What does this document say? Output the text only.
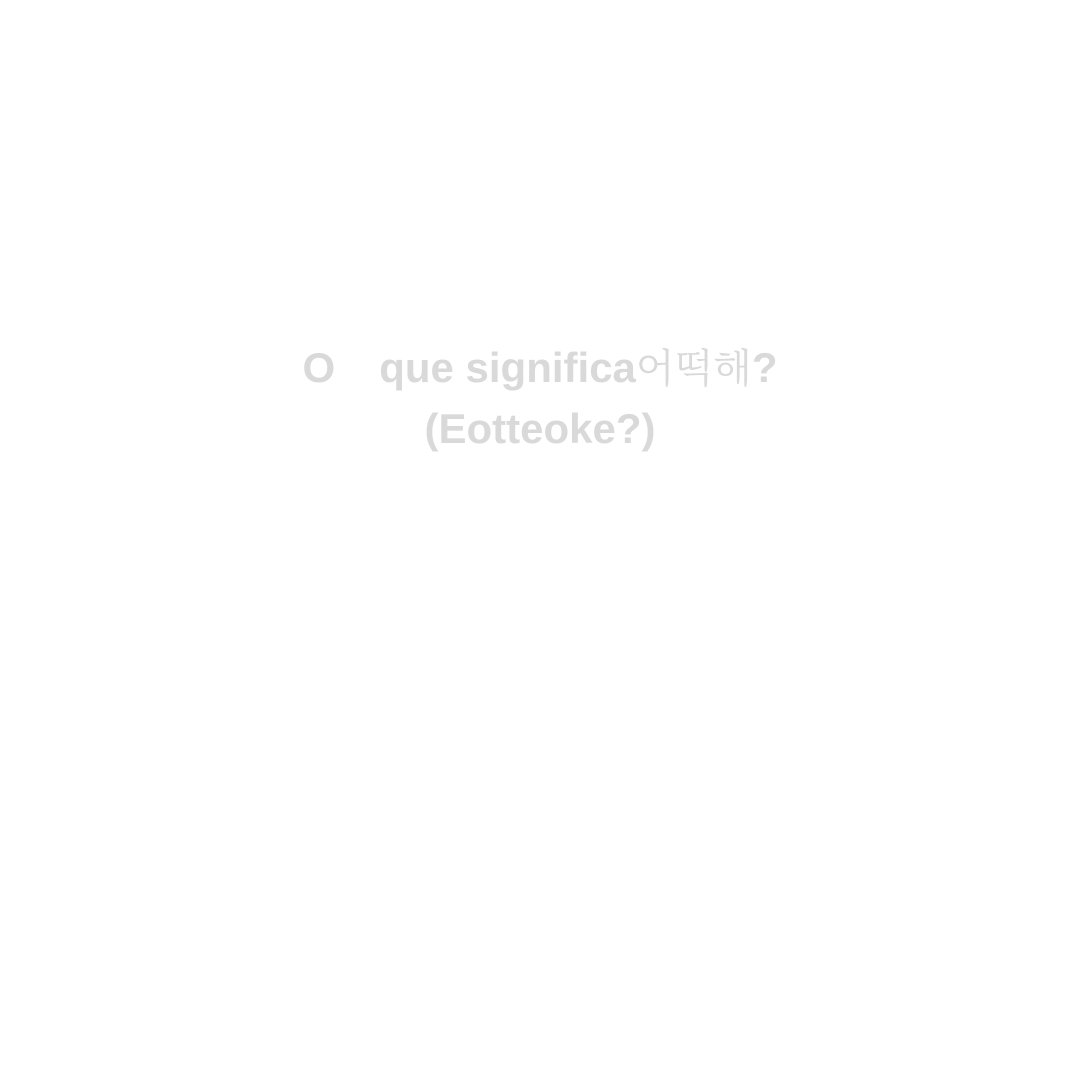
O que significa어떡해?
(Eotteoke?)
